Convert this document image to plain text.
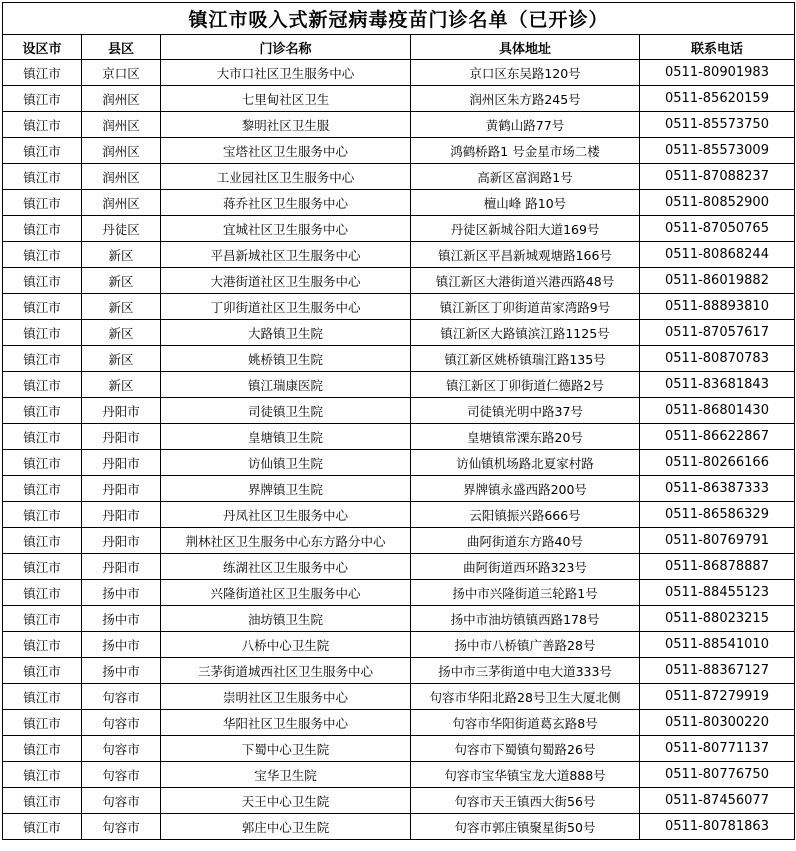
镇江市吸入式新冠病毒疫苗门诊名单（已开诊）				
设区市	县区	门诊名称	具体地址	联系电话
镇江市	京口区	大市口社区卫生服务中心	京口区东吴路120号	0511-80901983
镇江市	润州区	七里甸社区卫生	润州区朱方路245号	0511-85620159
镇江市	润州区	黎明社区卫生服	黄鹤山路77号	0511-85573750
镇江市	润州区	宝塔社区卫生服务中心	鸿鹤桥路1 号金星市场二楼	0511-85573009
镇江市	润州区	工业园社区卫生服务中心	高新区富润路1号	0511-87088237
镇江市	润州区	蒋乔社区卫生服务中心	檀山峰 路10号	0511-80852900
镇江市	丹徒区	宜城社区卫生服务中心	丹徒区新城谷阳大道169号	0511-87050765
镇江市	新区	平昌新城社区卫生服务中心	镇江新区平昌新城观塘路166号	0511-80868244
镇江市	新区	大港街道社区卫生服务中心	镇江新区大港街道兴港西路48号	0511-86019882
镇江市	新区	丁卯街道社区卫生服务中心	镇江新区丁卯街道苗家湾路9号	0511-88893810
镇江市	新区	大路镇卫生院	镇江新区大路镇滨江路1125号	0511-87057617
镇江市	新区	姚桥镇卫生院	镇江新区姚桥镇瑞江路135号	0511-80870783
镇江市	新区	镇江瑞康医院	镇江新区丁卯街道仁德路2号	0511-83681843
镇江市	丹阳市	司徒镇卫生院	司徒镇光明中路37号	0511-86801430
镇江市	丹阳市	皇塘镇卫生院	皇塘镇常溧东路20号	0511-86622867
镇江市	丹阳市	访仙镇卫生院	访仙镇机场路北夏家村路	0511-80266166
镇江市	丹阳市	界牌镇卫生院	界牌镇永盛西路200号	0511-86387333
镇江市	丹阳市	丹凤社区卫生服务中心	云阳镇振兴路666号	0511-86586329
镇江市	丹阳市	荆林社区卫生服务中心东方路分中心	曲阿街道东方路40号	0511-80769791
镇江市	丹阳市	练湖社区卫生服务中心	曲阿街道西环路323号	0511-86878887
镇江市	扬中市	兴隆街道社区卫生服务中心	扬中市兴隆街道三轮路1号	0511-88455123
镇江市	扬中市	油坊镇卫生院	扬中市油坊镇镇西路178号	0511-88023215
镇江市	扬中市	八桥中心卫生院	扬中市八桥镇广善路28号	0511-88541010
镇江市	扬中市	三茅街道城西社区卫生服务中心	扬中市三茅街道中电大道333号	0511-88367127
镇江市	句容市	崇明社区卫生服务中心	句容市华阳北路28号卫生大厦北侧	0511-87279919
镇江市	句容市	华阳社区卫生服务中心	句容市华阳街道葛玄路8号	0511-80300220
镇江市	句容市	下蜀中心卫生院	句容市下蜀镇句蜀路26号	0511-80771137
镇江市	句容市	宝华卫生院	句容市宝华镇宝龙大道888号	0511-80776750
镇江市	句容市	天王中心卫生院	句容市天王镇西大街56号	0511-87456077
镇江市	句容市	郭庄中心卫生院	句容市郭庄镇聚星街50号	0511-80781863
